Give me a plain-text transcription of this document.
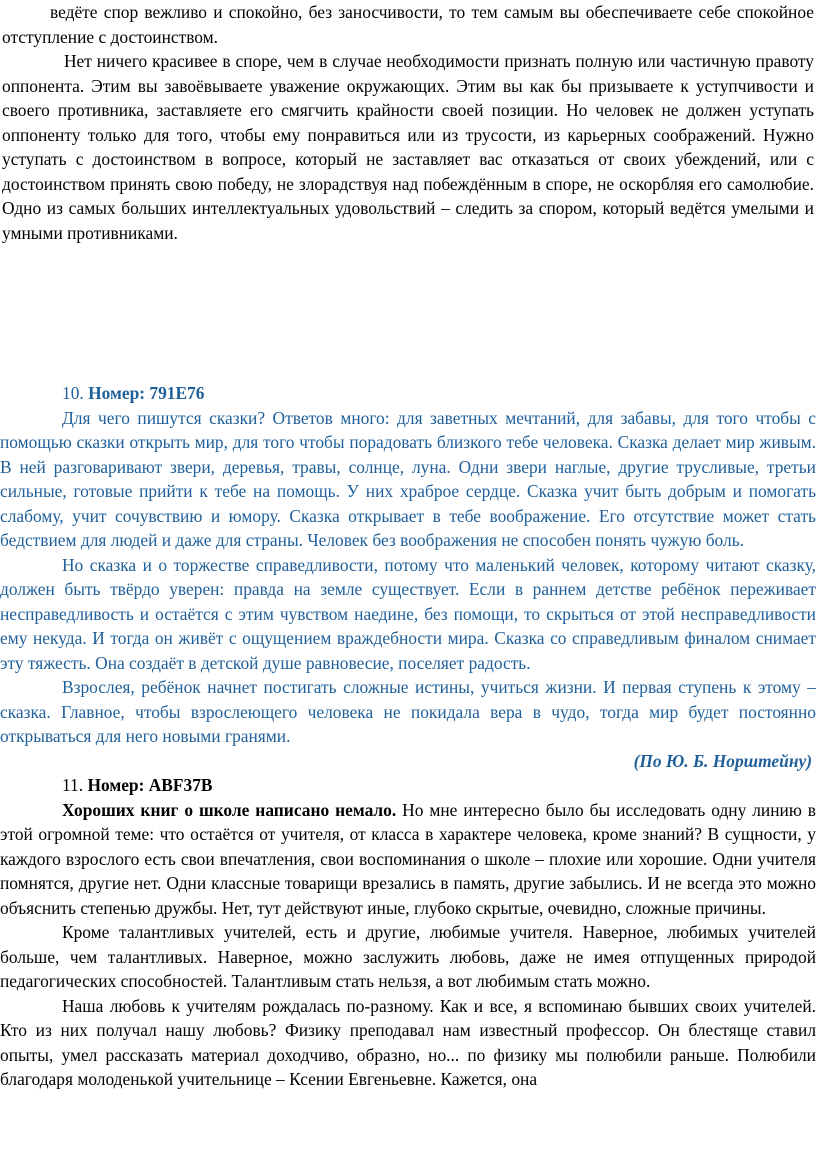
ведёте спор вежливо и спокойно, без заносчивости, то тем самым вы обеспечиваете себе спокойное отступление с достоинством.

Нет ничего красивее в споре, чем в случае необходимости признать полную или частичную правоту оппонента. Этим вы завоёвываете уважение окружающих. Этим вы как бы призываете к уступчивости и своего противника, заставляете его смягчить крайности своей позиции. Но человек не должен уступать оппоненту только для того, чтобы ему понравиться или из трусости, из карьерных соображений. Нужно уступать с достоинством в вопросе, который не заставляет вас отказаться от своих убеждений, или с достоинством принять свою победу, не злорадствуя над побеждённым в споре, не оскорбляя его самолюбие. Одно из самых больших интеллектуальных удовольствий – следить за спором, который ведётся умелыми и умными противниками.

10. Номер: 791E76

Для чего пишутся сказки? Ответов много: для заветных мечтаний, для забавы, для того чтобы с помощью сказки открыть мир, для того чтобы порадовать близкого тебе человека. Сказка делает мир живым. В ней разговаривают звери, деревья, травы, солнце, луна. Одни звери наглые, другие трусливые, третьи сильные, готовые прийти к тебе на помощь. У них храброе сердце. Сказка учит быть добрым и помогать слабому, учит сочувствию и юмору. Сказка открывает в тебе воображение. Его отсутствие может стать бедствием для людей и даже для страны. Человек без воображения не способен понять чужую боль.

Но сказка и о торжестве справедливости, потому что маленький человек, которому читают сказку, должен быть твёрдо уверен: правда на земле существует. Если в раннем детстве ребёнок переживает несправедливость и остаётся с этим чувством наедине, без помощи, то скрыться от этой несправедливости ему некуда. И тогда он живёт с ощущением враждебности мира. Сказка со справедливым финалом снимает эту тяжесть. Она создаёт в детской душе равновесие, поселяет радость.

Взрослея, ребёнок начнет постигать сложные истины, учиться жизни. И первая ступень к этому – сказка. Главное, чтобы взрослеющего человека не покидала вера в чудо, тогда мир будет постоянно открываться для него новыми гранями.

(По Ю. Б. Норштейну)

11. Номер: ABF37B

Хороших книг о школе написано немало. Но мне интересно было бы исследовать одну линию в этой огромной теме: что остаётся от учителя, от класса в характере человека, кроме знаний? В сущности, у каждого взрослого есть свои впечатления, свои воспоминания о школе – плохие или хорошие. Одни учителя помнятся, другие нет. Одни классные товарищи врезались в память, другие забылись. И не всегда это можно объяснить степенью дружбы. Нет, тут действуют иные, глубоко скрытые, очевидно, сложные причины.

Кроме талантливых учителей, есть и другие, любимые учителя. Наверное, любимых учителей больше, чем талантливых. Наверное, можно заслужить любовь, даже не имея отпущенных природой педагогических способностей. Талантливым стать нельзя, а вот любимым стать можно.

Наша любовь к учителям рождалась по-разному. Как и все, я вспоминаю бывших своих учителей. Кто из них получал нашу любовь? Физику преподавал нам известный профессор. Он блестяще ставил опыты, умел рассказать материал доходчиво, образно, но... по физику мы полюбили раньше. Полюбили благодаря молоденькой учительнице – Ксении Евгеньевне. Кажется, она
